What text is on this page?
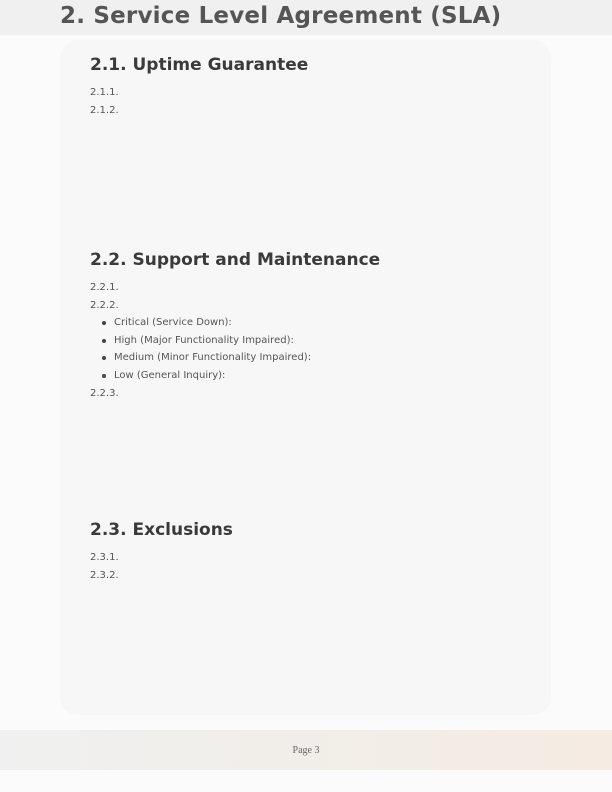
2. Service Level Agreement (SLA)
2.1. Uptime Guarantee
2.1.1.
2.1.2.
2.2. Support and Maintenance
2.2.1.
2.2.2.
Critical (Service Down):
High (Major Functionality Impaired):
Medium (Minor Functionality Impaired):
Low (General Inquiry):
2.2.3.
2.3. Exclusions
2.3.1.
2.3.2.
Page 3
